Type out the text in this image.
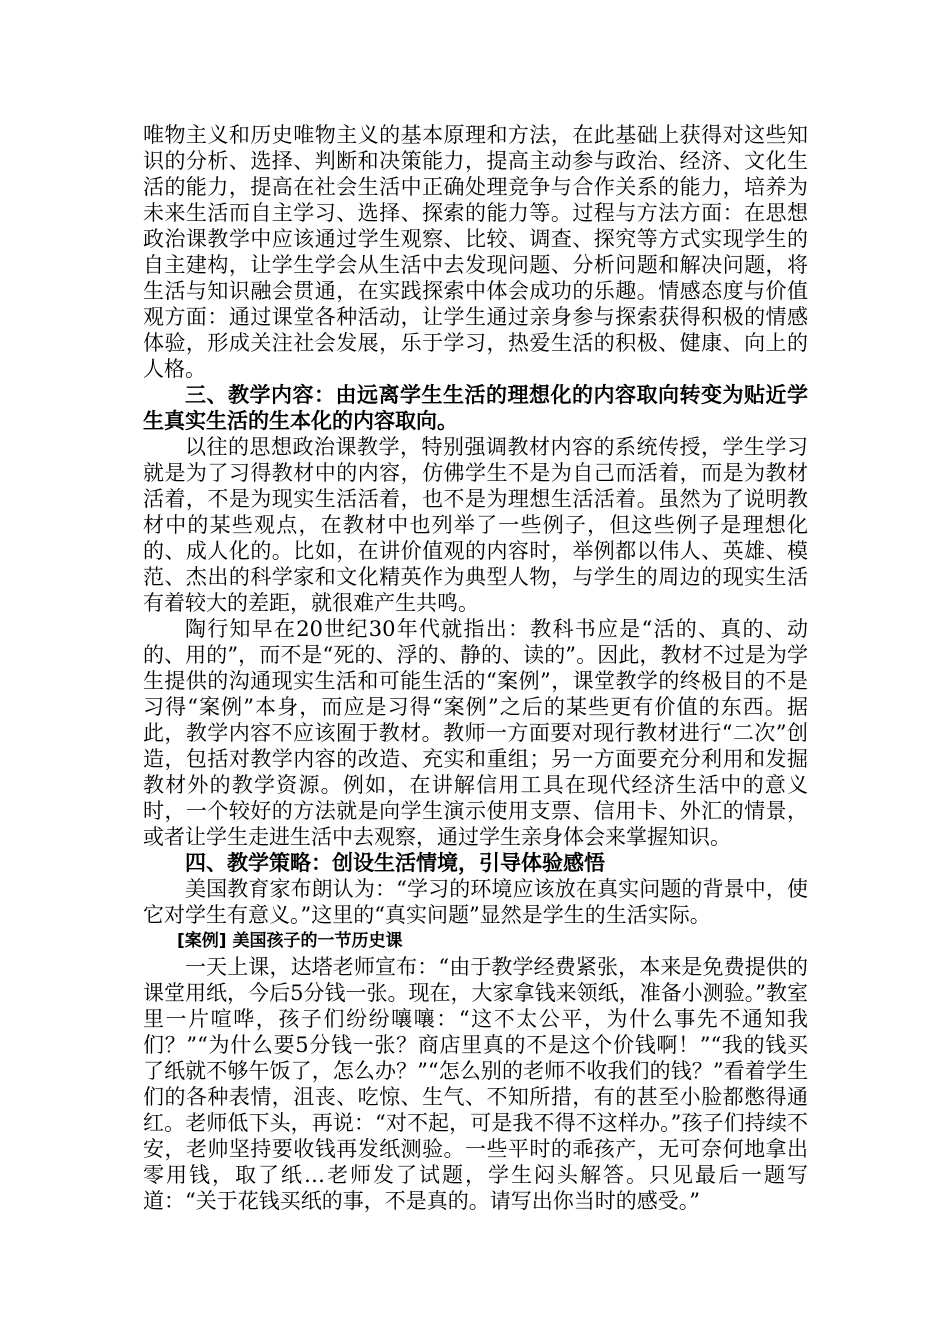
唯物主义和历史唯物主义的基本原理和方法，在此基础上获得对这些知识的分析、选择、判断和决策能力，提高主动参与政治、经济、文化生活的能力，提高在社会生活中正确处理竞争与合作关系的能力，培养为未来生活而自主学习、选择、探索的能力等。过程与方法方面：在思想政治课教学中应该通过学生观察、比较、调查、探究等方式实现学生的自主建构，让学生学会从生活中去发现问题、分析问题和解决问题，将生活与知识融会贯通，在实践探索中体会成功的乐趣。情感态度与价值观方面：通过课堂各种活动，让学生通过亲身参与探索获得积极的情感体验，形成关注社会发展，乐于学习，热爱生活的积极、健康、向上的人格。

三、教学内容：由远离学生生活的理想化的内容取向转变为贴近学生真实生活的生本化的内容取向。

以往的思想政治课教学，特别强调教材内容的系统传授，学生学习就是为了习得教材中的内容，仿佛学生不是为自己而活着，而是为教材活着，不是为现实生活活着，也不是为理想生活活着。虽然为了说明教材中的某些观点，在教材中也列举了一些例子，但这些例子是理想化的、成人化的。比如，在讲价值观的内容时，举例都以伟人、英雄、模范、杰出的科学家和文化精英作为典型人物，与学生的周边的现实生活有着较大的差距，就很难产生共鸣。

陶行知早在20世纪30年代就指出：教科书应是“活的、真的、动的、用的”，而不是“死的、浮的、静的、读的”。因此，教材不过是为学生提供的沟通现实生活和可能生活的“案例”，课堂教学的终极目的不是习得“案例”本身，而应是习得“案例”之后的某些更有价值的东西。据此，教学内容不应该囿于教材。教师一方面要对现行教材进行“二次”创造，包括对教学内容的改造、充实和重组；另一方面要充分利用和发掘教材外的教学资源。例如，在讲解信用工具在现代经济生活中的意义时，一个较好的方法就是向学生演示使用支票、信用卡、外汇的情景，或者让学生走进生活中去观察，通过学生亲身体会来掌握知识。

四、教学策略：创设生活情境，引导体验感悟

美国教育家布朗认为：“学习的环境应该放在真实问题的背景中，使它对学生有意义。”这里的“真实问题”显然是学生的生活实际。

[案例] 美国孩子的一节历史课

一天上课，达塔老师宣布：“由于教学经费紧张，本来是免费提供的课堂用纸，今后5分钱一张。现在，大家拿钱来领纸，准备小测验。”教室里一片喧哗，孩子们纷纷嚷嚷：“这不太公平，为什么事先不通知我们？”“为什么要5分钱一张？商店里真的不是这个价钱啊！”“我的钱买了纸就不够午饭了，怎么办？”“怎么别的老师不收我们的钱？”看着学生们的各种表情，沮丧、吃惊、生气、不知所措，有的甚至小脸都憋得通红。老师低下头，再说：“对不起，可是我不得不这样办。”孩子们持续不安，老帅坚持要收钱再发纸测验。一些平时的乖孩产，无可奈何地拿出零用钱，取了纸…老师发了试题，学生闷头解答。只见最后一题写道：“关于花钱买纸的事，不是真的。请写出你当时的感受。”
